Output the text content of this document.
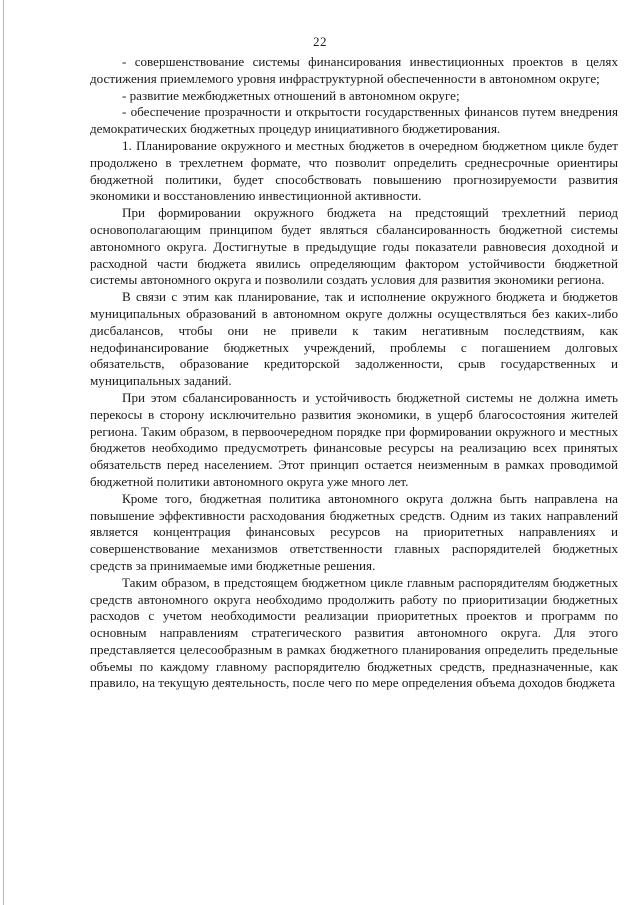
22

- совершенствование системы финансирования инвестиционных проектов в целях достижения приемлемого уровня инфраструктурной обеспеченности в автономном округе;

- развитие межбюджетных отношений в автономном округе;

- обеспечение прозрачности и открытости государственных финансов путем внедрения демократических бюджетных процедур инициативного бюджетирования.

1. Планирование окружного и местных бюджетов в очередном бюджетном цикле будет продолжено в трехлетнем формате, что позволит определить среднесрочные ориентиры бюджетной политики, будет способствовать повышению прогнозируемости развития экономики и восстановлению инвестиционной активности.

При формировании окружного бюджета на предстоящий трехлетний период основополагающим принципом будет являться сбалансированность бюджетной системы автономного округа. Достигнутые в предыдущие годы показатели равновесия доходной и расходной части бюджета явились определяющим фактором устойчивости бюджетной системы автономного округа и позволили создать условия для развития экономики региона.

В связи с этим как планирование, так и исполнение окружного бюджета и бюджетов муниципальных образований в автономном округе должны осуществляться без каких-либо дисбалансов, чтобы они не привели к таким негативным последствиям, как недофинансирование бюджетных учреждений, проблемы с погашением долговых обязательств, образование кредиторской задолженности, срыв государственных и муниципальных заданий.

При этом сбалансированность и устойчивость бюджетной системы не должна иметь перекосы в сторону исключительно развития экономики, в ущерб благосостояния жителей региона. Таким образом, в первоочередном порядке при формировании окружного и местных бюджетов необходимо предусмотреть финансовые ресурсы на реализацию всех принятых обязательств перед населением. Этот принцип остается неизменным в рамках проводимой бюджетной политики автономного округа уже много лет.

Кроме того, бюджетная политика автономного округа должна быть направлена на повышение эффективности расходования бюджетных средств. Одним из таких направлений является концентрация финансовых ресурсов на приоритетных направлениях и совершенствование механизмов ответственности главных распорядителей бюджетных средств за принимаемые ими бюджетные решения.

Таким образом, в предстоящем бюджетном цикле главным распорядителям бюджетных средств автономного округа необходимо продолжить работу по приоритизации бюджетных расходов с учетом необходимости реализации приоритетных проектов и программ по основным направлениям стратегического развития автономного округа. Для этого представляется целесообразным в рамках бюджетного планирования определить предельные объемы по каждому главному распорядителю бюджетных средств, предназначенные, как правило, на текущую деятельность, после чего по мере определения объема доходов бюджета
